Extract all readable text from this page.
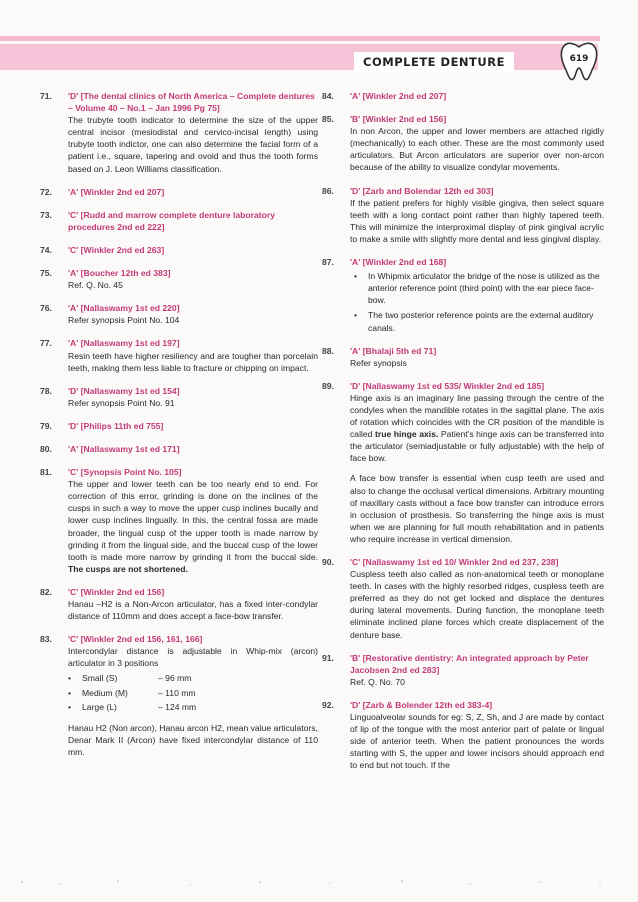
COMPLETE DENTURE	619
71. 'D' [The dental clinics of North America – Complete dentures – Volume 40 – No.1 – Jan 1996 Pg 75]
The trubyte tooth indicator to determine the size of the upper central incisor (mesiodistal and cervico-incisal length) using trubyte tooth indictor, one can also determine the facial form of a patient i.e., square, tapering and ovoid and thus the tooth forms based on J. Leon Williams classification.
72. 'A' [Winkler 2nd ed 207]
73. 'C' [Rudd and marrow complete denture laboratory procedures 2nd ed 222]
74. 'C' [Winkler 2nd ed 263]
75. 'A' [Boucher 12th ed 383]
Ref. Q. No. 45
76. 'A' [Nallaswamy 1st ed 220]
Refer synopsis Point No. 104
77. 'A' [Nallaswamy 1st ed 197]
Resin teeth have higher resiliency and are tougher than porcelain teeth, making them less liable to fracture or chipping on impact.
78. 'D' [Nallaswamy 1st ed 154]
Refer synopsis Point No. 91
79. 'D' [Philips 11th ed 755]
80. 'A' [Nallaswamy 1st ed 171]
81. 'C' [Synopsis Point No. 105]
The upper and lower teeth can be too nearly end to end. For correction of this error, grinding is done on the inclines of the cusps in such a way to move the upper cusp inclines bucally and lower cusp inclines lingually. In this, the central fossa are made broader, the lingual cusp of the upper tooth is made narrow by grinding it from the lingual side, and the buccal cusp of the lower tooth is made more narrow by grinding it from the buccal side. The cusps are not shortened.
82. 'C' [Winkler 2nd ed 156]
Hanau –H2 is a Non-Arcon articulator, has a fixed inter-condylar distance of 110mm and does accept a face-bow transfer.
83. 'C' [Winkler 2nd ed 156, 161, 166]
Intercondylar distance is adjustable in Whip-mix (arcon) articulator in 3 positions
• Small (S)	– 96 mm
• Medium (M)	– 110 mm
• Large (L)	– 124 mm
Hanau H2 (Non arcon), Hanau arcon H2, mean value articulators, Denar Mark II (Arcon) have fixed intercondylar distance of 110 mm.
84. 'A' [Winkler 2nd ed 207]
85. 'B' [Winkler 2nd ed 156]
In non Arcon, the upper and lower members are attached rigidly (mechanically) to each other. These are the most commonly used articulators. But Arcon articulators are superior over non-arcon because of the ability to visualize condylar movements.
86. 'D' [Zarb and Bolendar 12th ed 303]
If the patient prefers for highly visible gingiva, then select square teeth with a long contact point rather than highly tapered teeth. This will minimize the interproximal display of pink gingival acrylic to make a smile with slightly more dental and less gingival display.
87. 'A' [Winkler 2nd ed 168]
• In Whipmix articulator the bridge of the nose is utilized as the anterior reference point (third point) with the ear piece face-bow.
• The two posterior reference points are the external auditory canals.
88. 'A' [Bhalaji 5th ed 71]
Refer synopsis
89. 'D' [Nallaswamy 1st ed 535/ Winkler 2nd ed 185]
Hinge axis is an imaginary line passing through the centre of the condyles when the mandible rotates in the sagittal plane. The axis of rotation which coincides with the CR position of the mandible is called true hinge axis. Patient's hinge axis can be transferred into the articulator (semiadjustable or fully adjustable) with the help of face bow.
A face bow transfer is essential when cusp teeth are used and also to change the occlusal vertical dimensions. Arbitrary mounting of maxillary casts without a face bow transfer can introduce errors in occlusion of prosthesis. So transferring the hinge axis is must when we are planning for full mouth rehabilitation and in patients who require increase in vertical dimension.
90. 'C' [Nallaswamy 1st ed 10/ Winkler 2nd ed 237, 238]
Cuspless teeth also called as non-anatomical teeth or monoplane teeth. In cases with the highly resorbed ridges, cuspless teeth are preferred as they do not get locked and displace the dentures during lateral movements. During function, the monoplane teeth eliminate inclined plane forces which create displacement of the denture base.
91. 'B' [Restorative dentistry: An integrated approach by Peter Jacobsen 2nd ed 283]
Ref. Q. No. 70
92. 'D' [Zarb & Bolender 12th ed 383-4]
Linguoalveolar sounds for eg: S, Z, Sh, and J are made by contact of lip of the tongue with the most anterior part of palate or lingual side of anterior teeth. When the patient pronounces the words starting with S, the upper and lower incisors should approach end to end but not touch. If the
